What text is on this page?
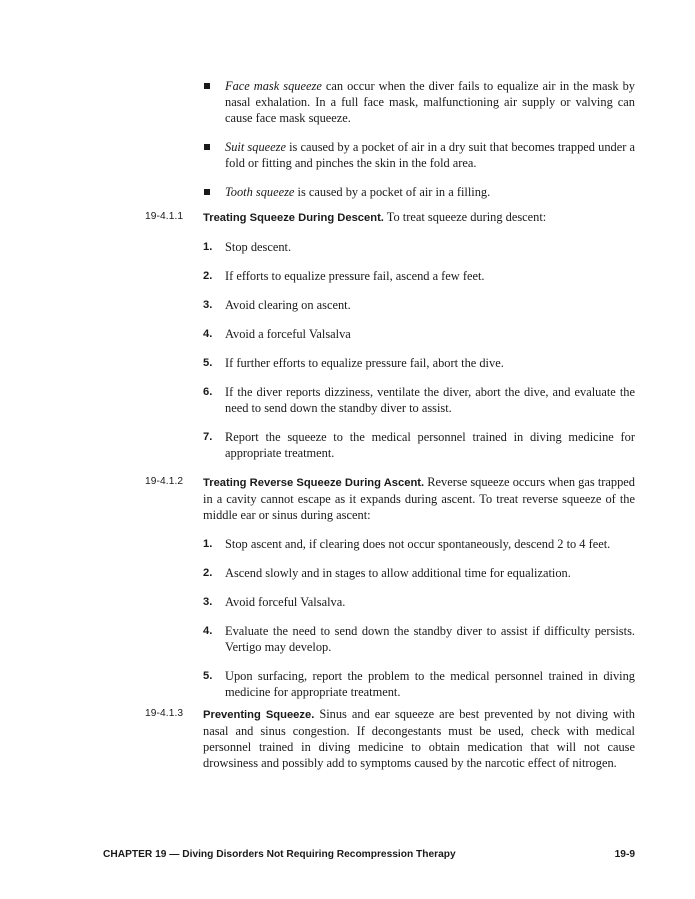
Face mask squeeze can occur when the diver fails to equalize air in the mask by nasal exhalation. In a full face mask, malfunctioning air supply or valving can cause face mask squeeze.
Suit squeeze is caused by a pocket of air in a dry suit that becomes trapped under a fold or fitting and pinches the skin in the fold area.
Tooth squeeze is caused by a pocket of air in a filling.
19-4.1.1 Treating Squeeze During Descent. To treat squeeze during descent:
1. Stop descent.
2. If efforts to equalize pressure fail, ascend a few feet.
3. Avoid clearing on ascent.
4. Avoid a forceful Valsalva
5. If further efforts to equalize pressure fail, abort the dive.
6. If the diver reports dizziness, ventilate the diver, abort the dive, and evaluate the need to send down the standby diver to assist.
7. Report the squeeze to the medical personnel trained in diving medicine for appropriate treatment.
19-4.1.2 Treating Reverse Squeeze During Ascent. Reverse squeeze occurs when gas trapped in a cavity cannot escape as it expands during ascent. To treat reverse squeeze of the middle ear or sinus during ascent:
1. Stop ascent and, if clearing does not occur spontaneously, descend 2 to 4 feet.
2. Ascend slowly and in stages to allow additional time for equalization.
3. Avoid forceful Valsalva.
4. Evaluate the need to send down the standby diver to assist if difficulty persists. Vertigo may develop.
5. Upon surfacing, report the problem to the medical personnel trained in diving medicine for appropriate treatment.
19-4.1.3 Preventing Squeeze. Sinus and ear squeeze are best prevented by not diving with nasal and sinus congestion. If decongestants must be used, check with medical personnel trained in diving medicine to obtain medication that will not cause drowsiness and possibly add to symptoms caused by the narcotic effect of nitrogen.
CHAPTER 19 — Diving Disorders Not Requiring Recompression Therapy	19-9
